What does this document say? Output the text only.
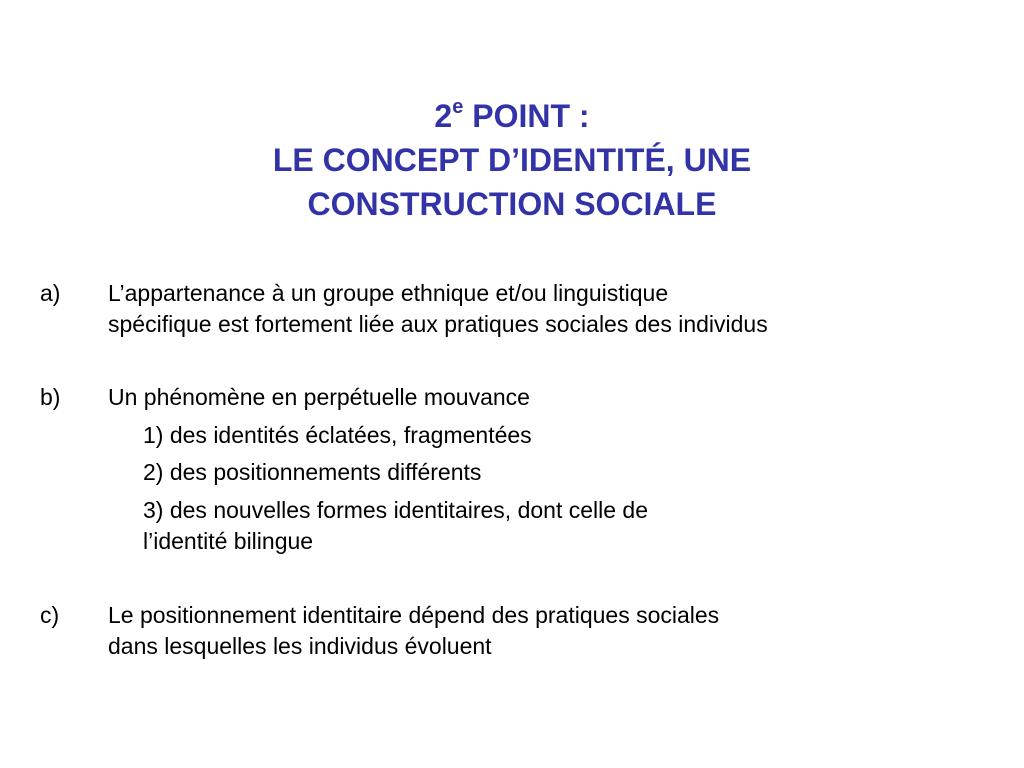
2e POINT :
LE CONCEPT D’IDENTITÉ, UNE
CONSTRUCTION SOCIALE
a)	L’appartenance à un groupe ethnique et/ou linguistique
spécifique est fortement liée aux pratiques sociales des individus
b)	Un phénomène en perpétuelle mouvance
1) des identités éclatées, fragmentées
2) des positionnements différents
3) des nouvelles formes identitaires, dont celle de
l’identité bilingue
c)	Le positionnement identitaire dépend des pratiques sociales
dans lesquelles les individus évoluent
